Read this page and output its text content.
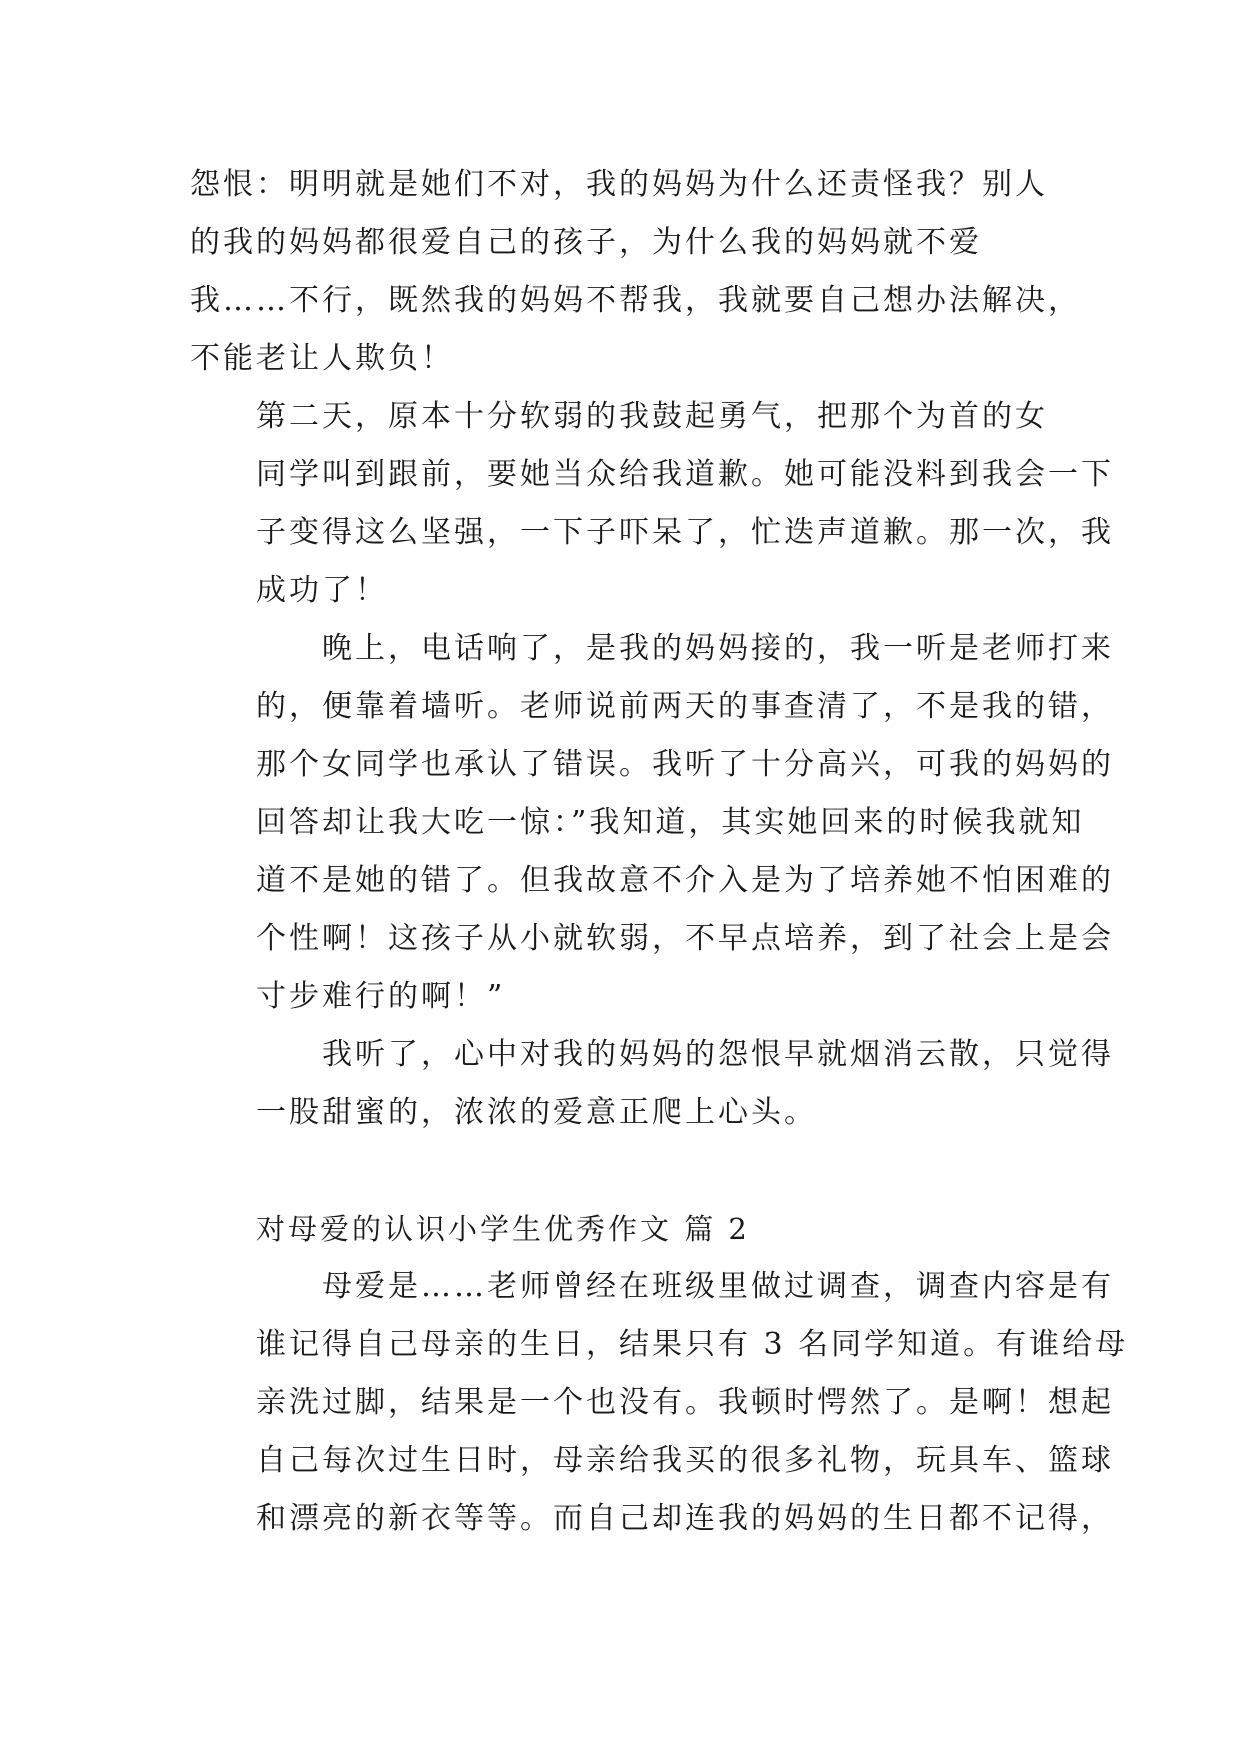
怨恨：明明就是她们不对，我的妈妈为什么还责怪我？别人
的我的妈妈都很爱自己的孩子，为什么我的妈妈就不爱
我……不行，既然我的妈妈不帮我，我就要自己想办法解决，
不能老让人欺负！

第二天，原本十分软弱的我鼓起勇气，把那个为首的女
同学叫到跟前，要她当众给我道歉。她可能没料到我会一下
子变得这么坚强，一下子吓呆了，忙迭声道歉。那一次，我
成功了！

晚上，电话响了，是我的妈妈接的，我一听是老师打来
的，便靠着墙听。老师说前两天的事查清了，不是我的错，
那个女同学也承认了错误。我听了十分高兴，可我的妈妈的
回答却让我大吃一惊：”我知道，其实她回来的时候我就知
道不是她的错了。但我故意不介入是为了培养她不怕困难的
个性啊！这孩子从小就软弱，不早点培养，到了社会上是会
寸步难行的啊！”

我听了，心中对我的妈妈的怨恨早就烟消云散，只觉得
一股甜蜜的，浓浓的爱意正爬上心头。

对母爱的认识小学生优秀作文 篇 2

母爱是……老师曾经在班级里做过调查，调查内容是有
谁记得自己母亲的生日，结果只有 3 名同学知道。有谁给母
亲洗过脚，结果是一个也没有。我顿时愕然了。是啊！想起
自己每次过生日时，母亲给我买的很多礼物，玩具车、篮球
和漂亮的新衣等等。而自己却连我的妈妈的生日都不记得，
